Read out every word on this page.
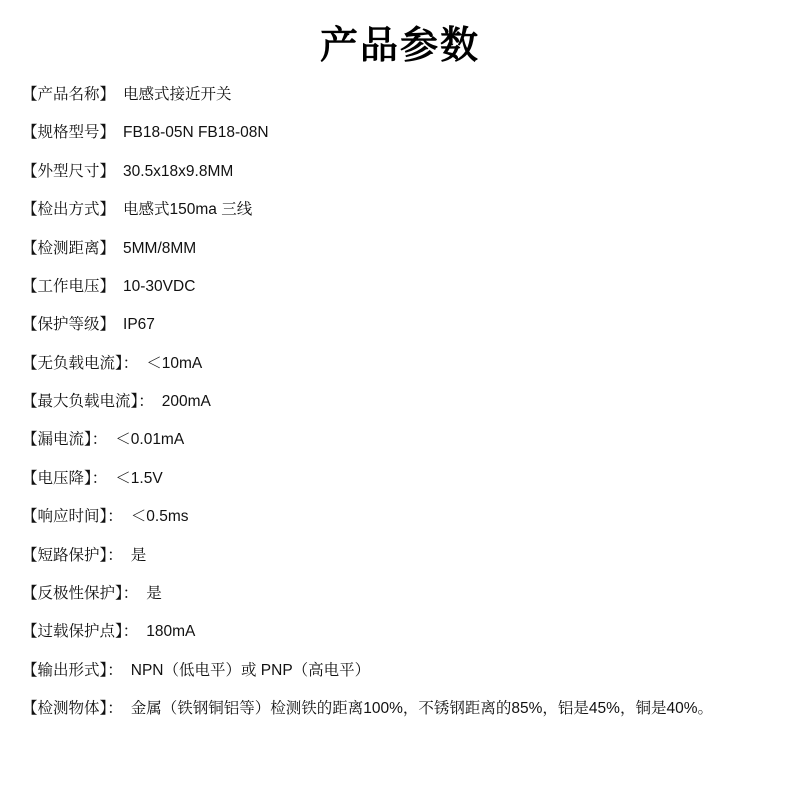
产品参数
【产品名称】 电感式接近开关
【规格型号】 FB18-05N FB18-08N
【外型尺寸】 30.5x18x9.8MM
【检出方式】 电感式150ma 三线
【检测距离】 5MM/8MM
【工作电压】 10-30VDC
【保护等级】 IP67
【无负载电流】： ＜10mA
【最大负载电流】： 200mA
【漏电流】： ＜0.01mA
【电压降】： ＜1.5V
【响应时间】： ＜0.5ms
【短路保护】： 是
【反极性保护】： 是
【过载保护点】： 180mA
【输出形式】： NPN（低电平）或 PNP（高电平）
【检测物体】： 金属（铁钢铜铝等）检测铁的距离100%，不锈钢距离的85%，铝是45%，铜是40%。
